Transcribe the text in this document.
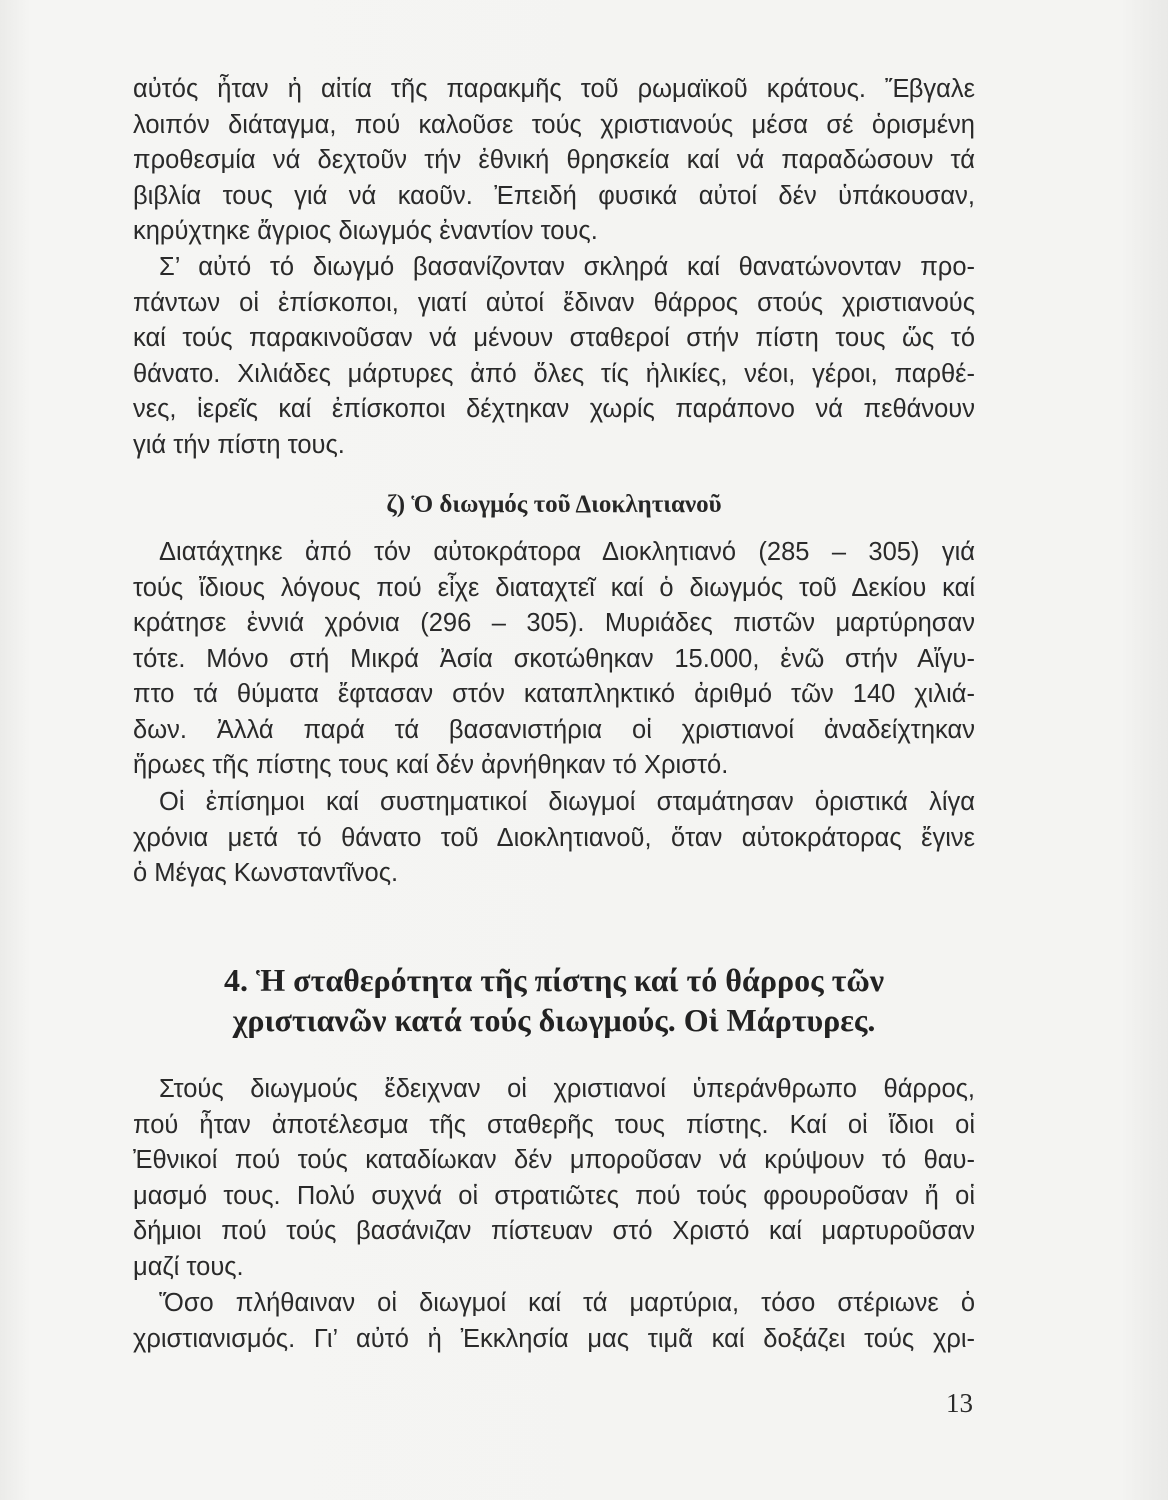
αὐτός ἦταν ἡ αἰτία τῆς παρακμῆς τοῦ ρωμαϊκοῦ κράτους. Ἔβγαλε
λοιπόν διάταγμα, πού καλοῦσε τούς χριστιανούς μέσα σέ ὁρισμένη
προθεσμία νά δεχτοῦν τήν ἐθνική θρησκεία καί νά παραδώσουν τά
βιβλία τους γιά νά καοῦν. Ἐπειδή φυσικά αὐτοί δέν ὑπάκουσαν,
κηρύχτηκε ἄγριος διωγμός ἐναντίον τους.
Σ’ αὐτό τό διωγμό βασανίζονταν σκληρά καί θανατώνονταν προ-
πάντων οἱ ἐπίσκοποι, γιατί αὐτοί ἔδιναν θάρρος στούς χριστιανούς
καί τούς παρακινοῦσαν νά μένουν σταθεροί στήν πίστη τους ὥς τό
θάνατο. Χιλιάδες μάρτυρες ἀπό ὅλες τίς ἡλικίες, νέοι, γέροι, παρθέ-
νες, ἱερεῖς καί ἐπίσκοποι δέχτηκαν χωρίς παράπονο νά πεθάνουν
γιά τήν πίστη τους.
ζ) Ὁ διωγμός τοῦ Διοκλητιανοῦ
Διατάχτηκε ἀπό τόν αὐτοκράτορα Διοκλητιανό (285 – 305) γιά
τούς ἴδιους λόγους πού εἶχε διαταχτεῖ καί ὁ διωγμός τοῦ Δεκίου καί
κράτησε ἐννιά χρόνια (296 – 305). Μυριάδες πιστῶν μαρτύρησαν
τότε. Μόνο στή Μικρά Ἀσία σκοτώθηκαν 15.000, ἐνῶ στήν Αἴγυ-
πτο τά θύματα ἔφτασαν στόν καταπληκτικό ἀριθμό τῶν 140 χιλιά-
δων. Ἀλλά παρά τά βασανιστήρια οἱ χριστιανοί ἀναδείχτηκαν
ἥρωες τῆς πίστης τους καί δέν ἀρνήθηκαν τό Χριστό.
Οἱ ἐπίσημοι καί συστηματικοί διωγμοί σταμάτησαν ὁριστικά λίγα
χρόνια μετά τό θάνατο τοῦ Διοκλητιανοῦ, ὅταν αὐτοκράτορας ἔγινε
ὁ Μέγας Κωνσταντῖνος.
4. Ἡ σταθερότητα τῆς πίστης καί τό θάρρος τῶν
χριστιανῶν κατά τούς διωγμούς. Οἱ Μάρτυρες.
Στούς διωγμούς ἔδειχναν οἱ χριστιανοί ὑπεράνθρωπο θάρρος,
πού ἦταν ἀποτέλεσμα τῆς σταθερῆς τους πίστης. Καί οἱ ἴδιοι οἱ
Ἐθνικοί πού τούς καταδίωκαν δέν μποροῦσαν νά κρύψουν τό θαυ-
μασμό τους. Πολύ συχνά οἱ στρατιῶτες πού τούς φρουροῦσαν ἤ οἱ
δήμιοι πού τούς βασάνιζαν πίστευαν στό Χριστό καί μαρτυροῦσαν
μαζί τους.
Ὅσο πλήθαιναν οἱ διωγμοί καί τά μαρτύρια, τόσο στέριωνε ὁ
χριστιανισμός. Γι’ αὐτό ἡ Ἐκκλησία μας τιμᾶ καί δοξάζει τούς χρι-
13
